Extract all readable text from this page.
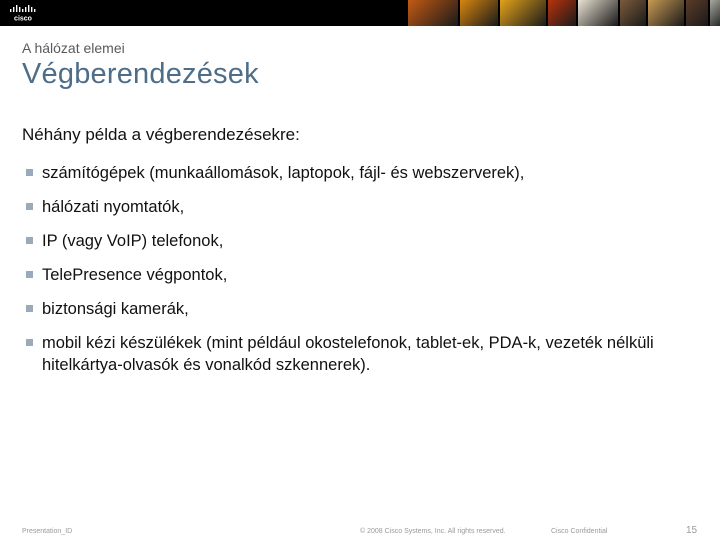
cisco
A hálózat elemei
Végberendezések
Néhány példa a végberendezésekre:
számítógépek (munkaállomások, laptopok, fájl- és webszerverek),
hálózati nyomtatók,
IP (vagy VoIP) telefonok,
TelePresence végpontok,
biztonsági kamerák,
mobil kézi készülékek (mint például okostelefonok, tablet-ek, PDA-k, vezeték nélküli hitelkártya-olvasók és vonalkód szkennerek).
Presentation_ID	© 2008 Cisco Systems, Inc. All rights reserved.	Cisco Confidential	15
